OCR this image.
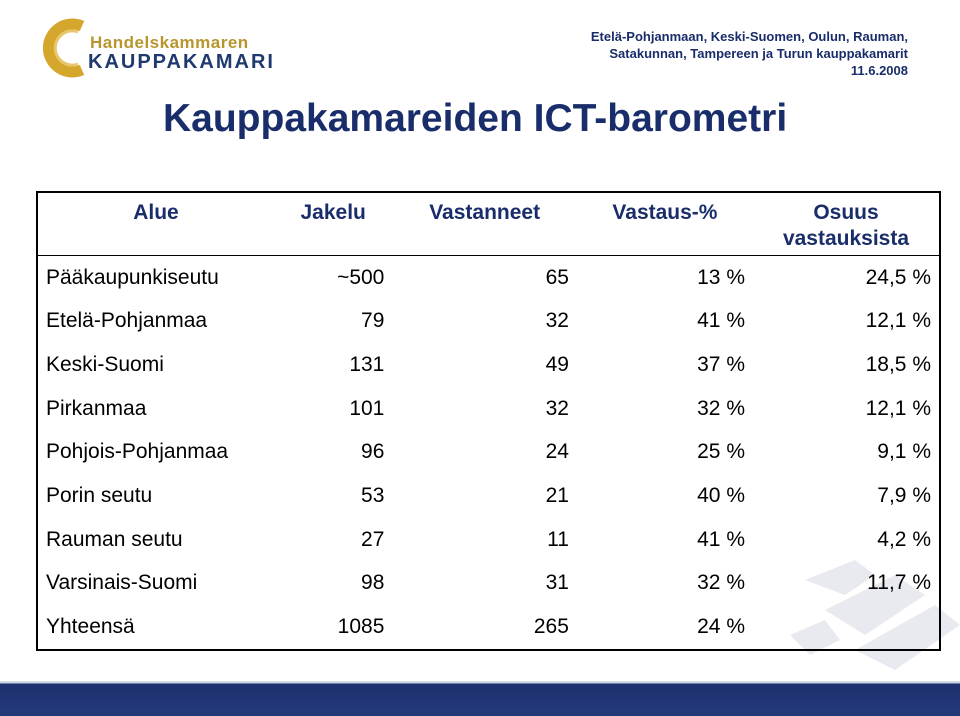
Handelskammaren
KAUPPAKAMARI
Etelä-Pohjanmaan, Keski-Suomen, Oulun, Rauman,
Satakunnan, Tampereen ja Turun kauppakamarit
11.6.2008
Kauppakamareiden ICT-barometri
Alue	Jakelu	Vastanneet	Vastaus-%	Osuus vastauksista
Pääkaupunkiseutu	~500	65	13 %	24,5 %
Etelä-Pohjanmaa	79	32	41 %	12,1 %
Keski-Suomi	131	49	37 %	18,5 %
Pirkanmaa	101	32	32 %	12,1 %
Pohjois-Pohjanmaa	96	24	25 %	9,1 %
Porin seutu	53	21	40 %	7,9 %
Rauman seutu	27	11	41 %	4,2 %
Varsinais-Suomi	98	31	32 %	11,7 %
Yhteensä	1085	265	24 %	
